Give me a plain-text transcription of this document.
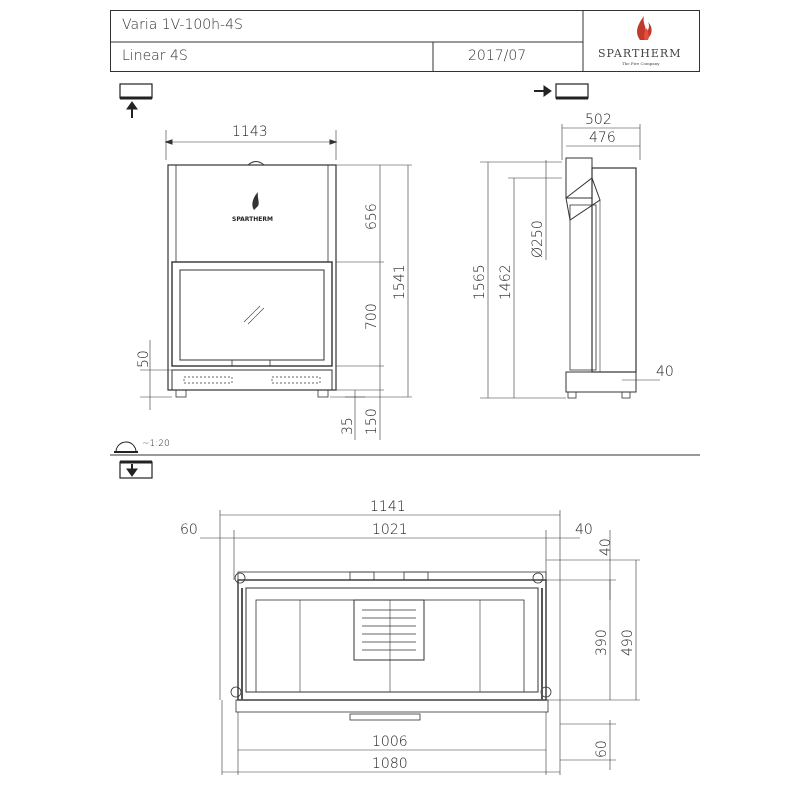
1143
SPARTHERM	656
700
1541
50
35 150
502
476
Ø250
1565 1462
40
1141
1021
60	40
40
390 490
1006
1080
60
~1:20
Varia 1V-100h-4S
Linear 4S	2017/07	SPARTHERM
The Fire Company
